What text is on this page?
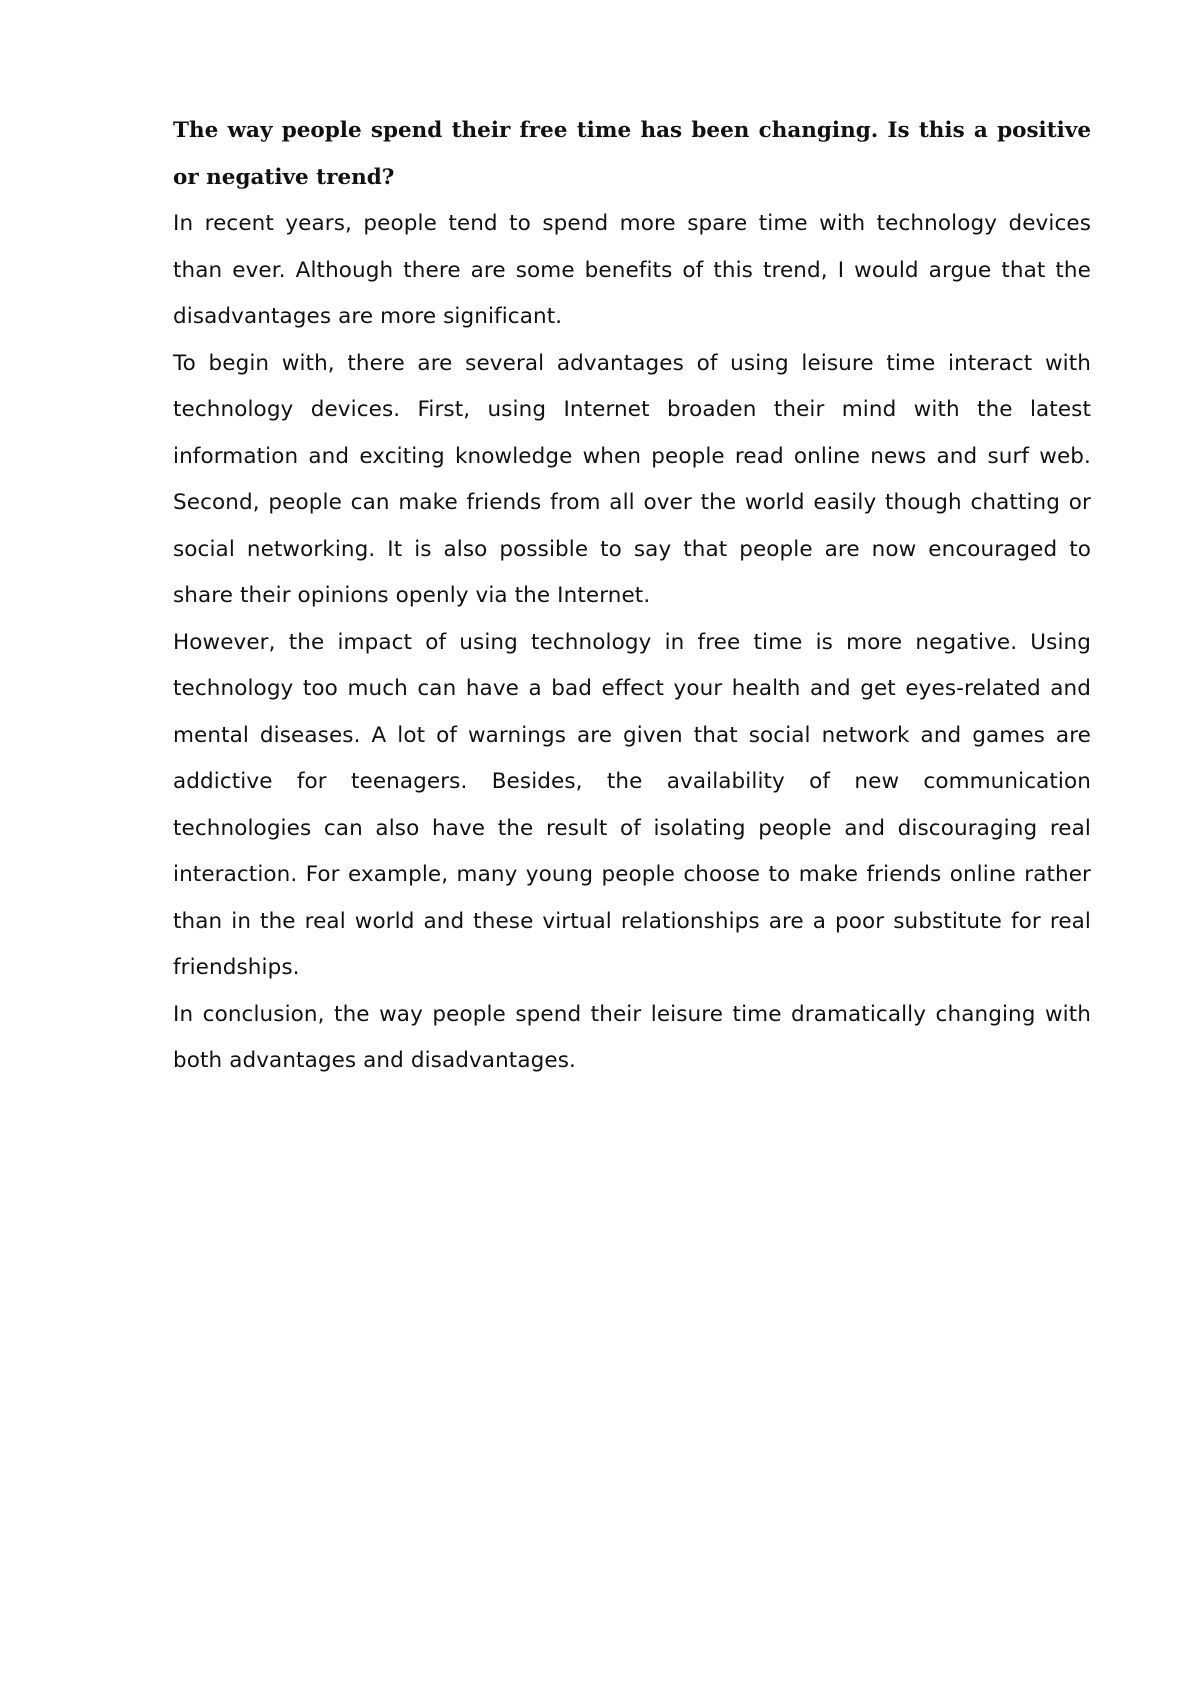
The way people spend their free time has been changing. Is this a positive or negative trend?

In recent years, people tend to spend more spare time with technology devices than ever. Although there are some benefits of this trend, I would argue that the disadvantages are more significant.

To begin with, there are several advantages of using leisure time interact with technology devices. First, using Internet broaden their mind with the latest information and exciting knowledge when people read online news and surf web. Second, people can make friends from all over the world easily though chatting or social networking. It is also possible to say that people are now encouraged to share their opinions openly via the Internet.

However, the impact of using technology in free time is more negative. Using technology too much can have a bad effect your health and get eyes-related and mental diseases. A lot of warnings are given that social network and games are addictive for teenagers. Besides, the availability of new communication technologies can also have the result of isolating people and discouraging real interaction. For example, many young people choose to make friends online rather than in the real world and these virtual relationships are a poor substitute for real friendships.

In conclusion, the way people spend their leisure time dramatically changing with both advantages and disadvantages.
